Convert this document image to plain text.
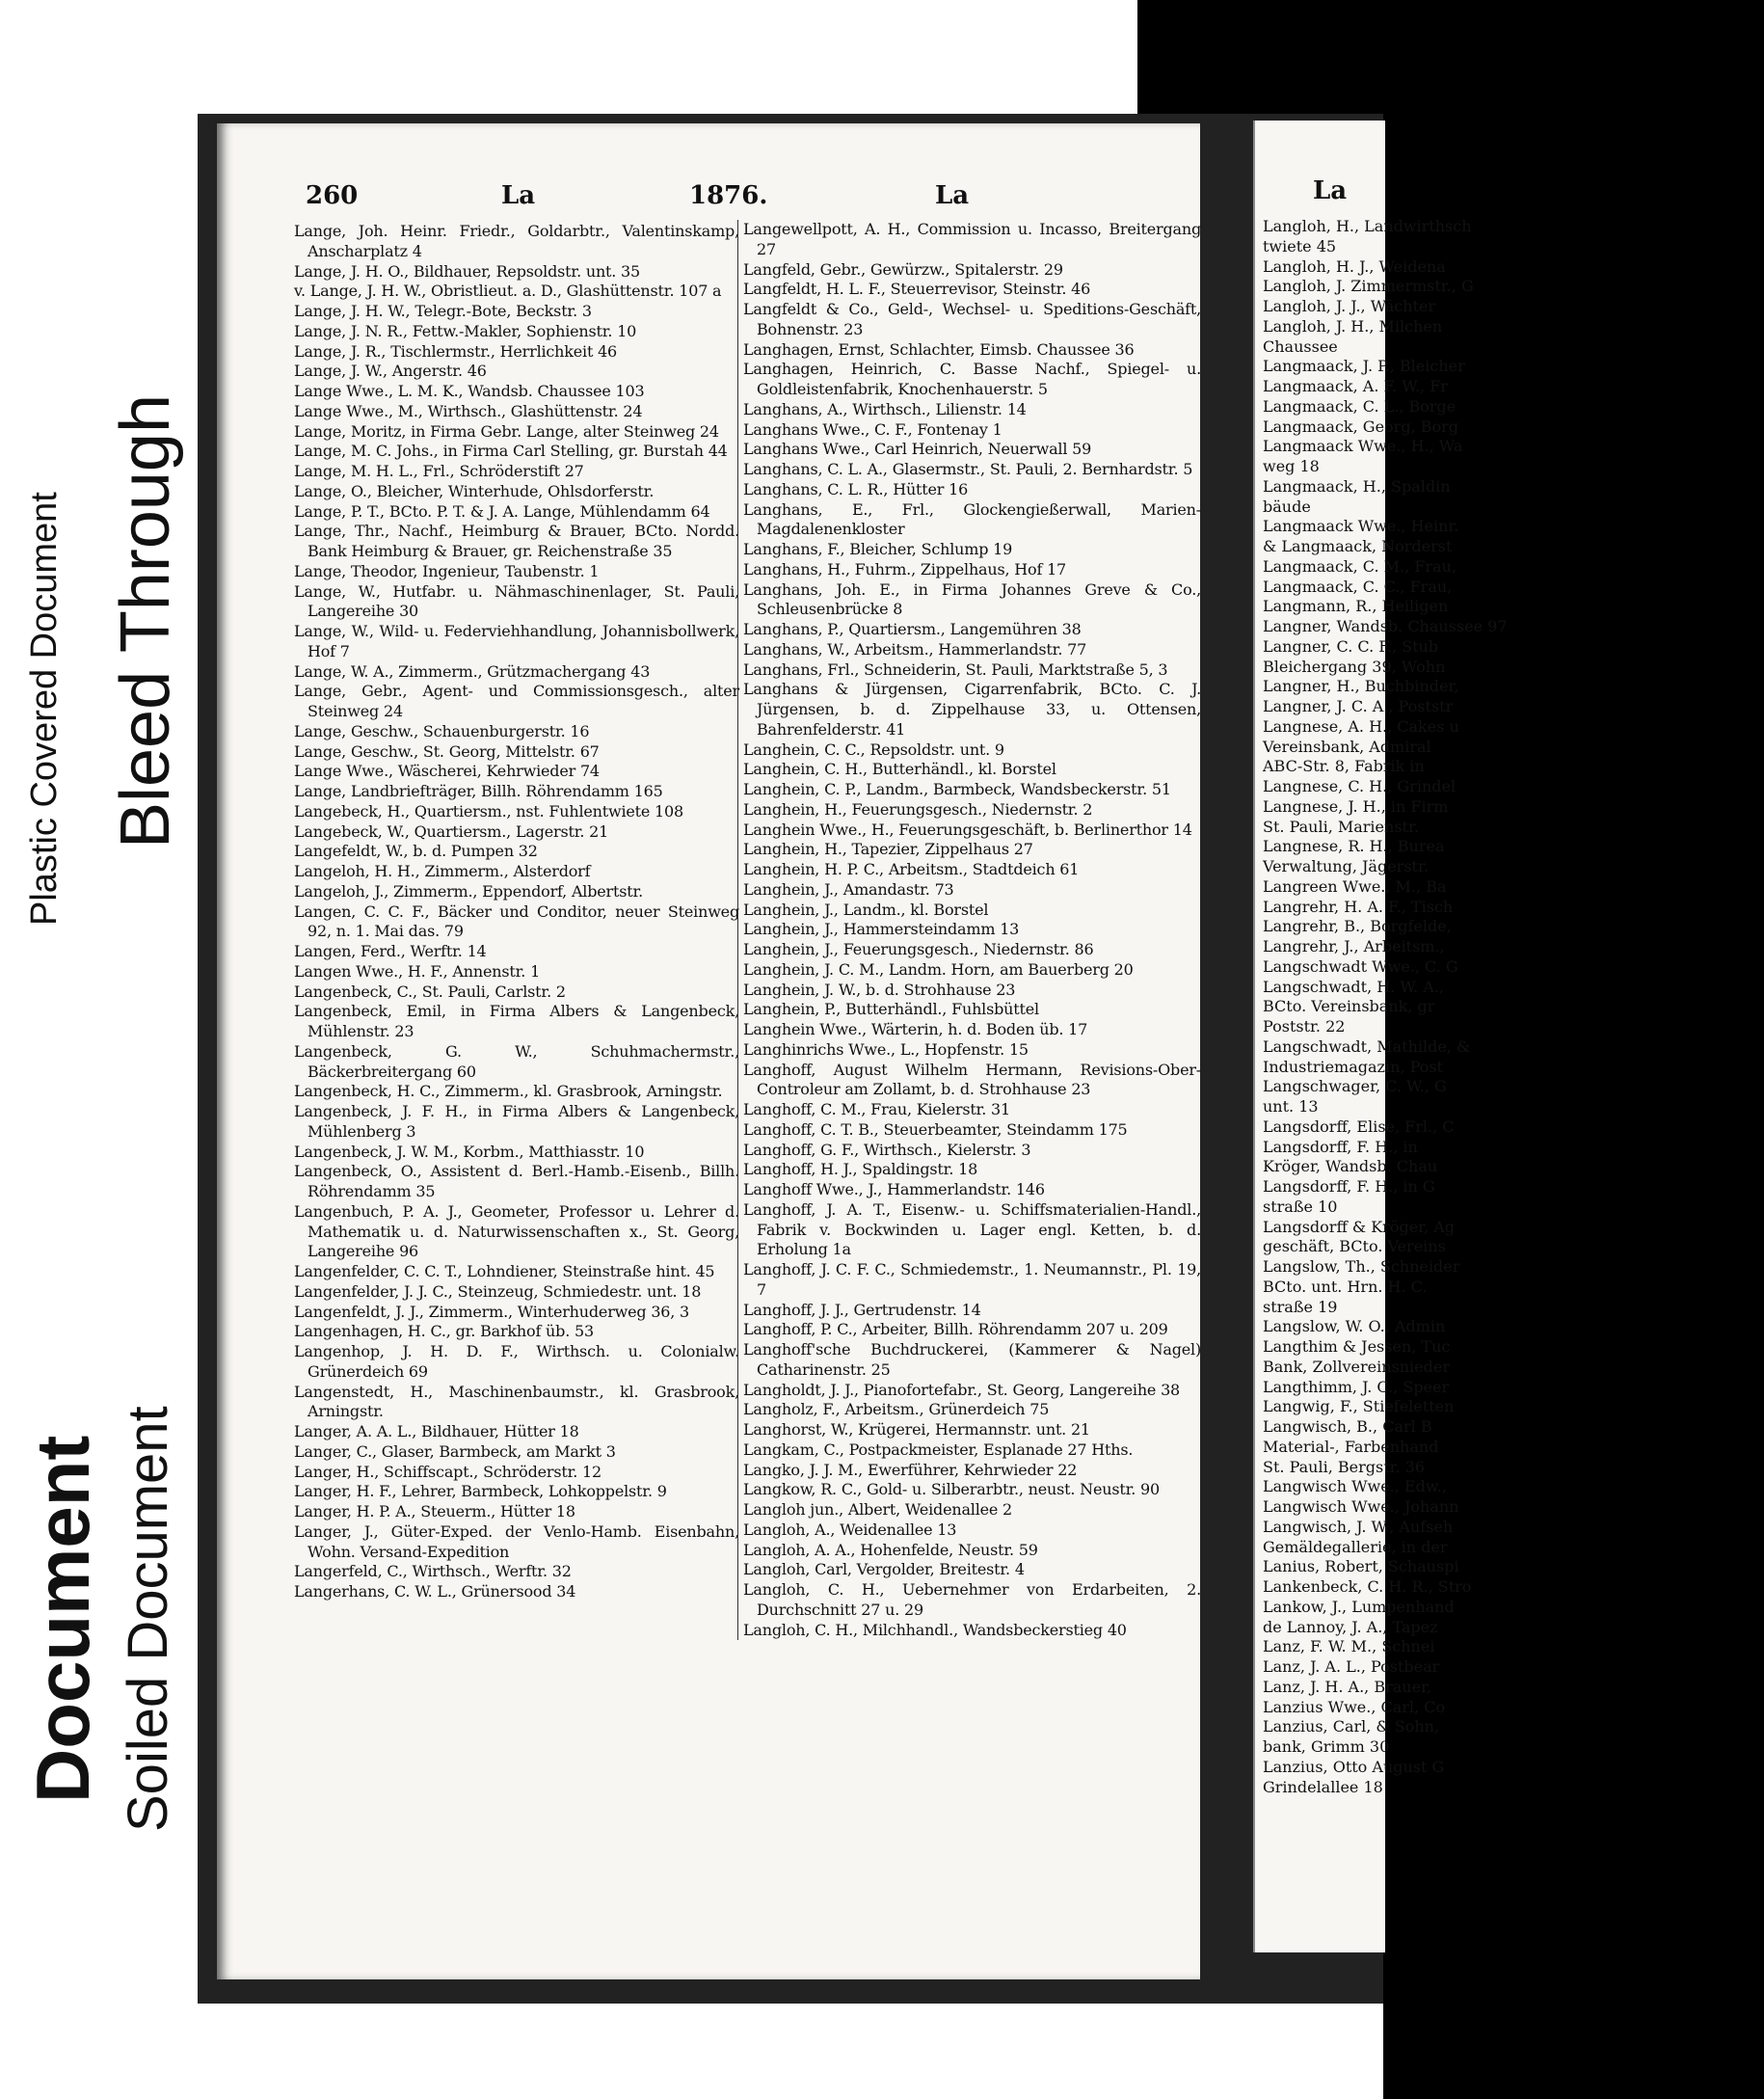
260	La	1876.	La
Lange, Joh. Heinr. Friedr., Goldarbtr., Valentinskamp, Anscharplatz 4
Lange, J. H. O., Bildhauer, Repsoldstr. unt. 35
v. Lange, J. H. W., Obristlieut. a. D., Glashüttenstr. 107 a
Lange, J. H. W., Telegr.-Bote, Beckstr. 3
Lange, J. N. R., Fettw.-Makler, Sophienstr. 10
Lange, J. R., Tischlermstr., Herrlichkeit 46
Lange, J. W., Angerstr. 46
Lange Wwe., L. M. K., Wandsb. Chaussee 103
Lange Wwe., M., Wirthsch., Glashüttenstr. 24
Lange, Moritz, in Firma Gebr. Lange, alter Steinweg 24
Lange, M. C. Johs., in Firma Carl Stelling, gr. Burstah 44
Lange, M. H. L., Frl., Schröderstift 27
Lange, O., Bleicher, Winterhude, Ohlsdorferstr.
Lange, P. T., BCto. P. T. & J. A. Lange, Mühlendamm 64
Lange, Thr., Nachf., Heimburg & Brauer, BCto. Nordd. Bank Heimburg & Brauer, gr. Reichenstraße 35
Lange, Theodor, Ingenieur, Taubenstr. 1
Lange, W., Hutfabr. u. Nähmaschinenlager, St. Pauli, Langereihe 30
Lange, W., Wild- u. Federviehhandlung, Johannisbollwerk, Hof 7
Lange, W. A., Zimmerm., Grützmachergang 43
Lange, Gebr., Agent- und Commissionsgesch., alter Steinweg 24
Lange, Geschw., Schauenburgerstr. 16
Lange, Geschw., St. Georg, Mittelstr. 67
Lange Wwe., Wäscherei, Kehrwieder 74
Lange, Landbriefträger, Billh. Röhrendamm 165
Langebeck, H., Quartiersm., nst. Fuhlentwiete 108
Langebeck, W., Quartiersm., Lagerstr. 21
Langefeldt, W., b. d. Pumpen 32
Langeloh, H. H., Zimmerm., Alsterdorf
Langeloh, J., Zimmerm., Eppendorf, Albertstr.
Langen, C. C. F., Bäcker und Conditor, neuer Steinweg 92, n. 1. Mai das. 79
Langen, Ferd., Werftr. 14
Langen Wwe., H. F., Annenstr. 1
Langenbeck, C., St. Pauli, Carlstr. 2
Langenbeck, Emil, in Firma Albers & Langenbeck, Mühlenstr. 23
Langenbeck, G. W., Schuhmachermstr., Bäckerbreitergang 60
Langenbeck, H. C., Zimmerm., kl. Grasbrook, Arningstr.
Langenbeck, J. F. H., in Firma Albers & Langenbeck, Mühlenberg 3
Langenbeck, J. W. M., Korbm., Matthiasstr. 10
Langenbeck, O., Assistent d. Berl.-Hamb.-Eisenb., Billh. Röhrendamm 35
Langenbuch, P. A. J., Geometer, Professor u. Lehrer d. Mathematik u. d. Naturwissenschaften x., St. Georg, Langereihe 96
Langenfelder, C. C. T., Lohndiener, Steinstraße hint. 45
Langenfelder, J. J. C., Steinzeug, Schmiedestr. unt. 18
Langenfeldt, J. J., Zimmerm., Winterhuderweg 36, 3
Langenhagen, H. C., gr. Barkhof üb. 53
Langenhop, J. H. D. F., Wirthsch. u. Colonialw. Grünerdeich 69
Langenstedt, H., Maschinenbaumstr., kl. Grasbrook, Arningstr.
Langer, A. A. L., Bildhauer, Hütter 18
Langer, C., Glaser, Barmbeck, am Markt 3
Langer, H., Schiffscapt., Schröderstr. 12
Langer, H. F., Lehrer, Barmbeck, Lohkoppelstr. 9
Langer, H. P. A., Steuerm., Hütter 18
Langer, J., Güter-Exped. der Venlo-Hamb. Eisenbahn, Wohn. Versand-Expedition
Langerfeld, C., Wirthsch., Werftr. 32
Langerhans, C. W. L., Grünersood 34
Langewellpott, A. H., Commission u. Incasso, Breitergang 27
Langfeld, Gebr., Gewürzw., Spitalerstr. 29
Langfeldt, H. L. F., Steuerrevisor, Steinstr. 46
Langfeldt & Co., Geld-, Wechsel- u. Speditions-Geschäft, Bohnenstr. 23
Langhagen, Ernst, Schlachter, Eimsb. Chaussee 36
Langhagen, Heinrich, C. Basse Nachf., Spiegel- u. Goldleistenfabrik, Knochenhauerstr. 5
Langhans, A., Wirthsch., Lilienstr. 14
Langhans Wwe., C. F., Fontenay 1
Langhans Wwe., Carl Heinrich, Neuerwall 59
Langhans, C. L. A., Glasermstr., St. Pauli, 2. Bernhardstr. 5
Langhans, C. L. R., Hütter 16
Langhans, E., Frl., Glockengießerwall, Marien-Magdalenenkloster
Langhans, F., Bleicher, Schlump 19
Langhans, H., Fuhrm., Zippelhaus, Hof 17
Langhans, Joh. E., in Firma Johannes Greve & Co., Schleusenbrücke 8
Langhans, P., Quartiersm., Langemühren 38
Langhans, W., Arbeitsm., Hammerlandstr. 77
Langhans, Frl., Schneiderin, St. Pauli, Marktstraße 5, 3
Langhans & Jürgensen, Cigarrenfabrik, BCto. C. J. Jürgensen, b. d. Zippelhause 33, u. Ottensen, Bahrenfelderstr. 41
Langhein, C. C., Repsoldstr. unt. 9
Langhein, C. H., Butterhändl., kl. Borstel
Langhein, C. P., Landm., Barmbeck, Wandsbeckerstr. 51
Langhein, H., Feuerungsgesch., Niedernstr. 2
Langhein Wwe., H., Feuerungsgeschäft, b. Berlinerthor 14
Langhein, H., Tapezier, Zippelhaus 27
Langhein, H. P. C., Arbeitsm., Stadtdeich 61
Langhein, J., Amandastr. 73
Langhein, J., Landm., kl. Borstel
Langhein, J., Hammersteindamm 13
Langhein, J., Feuerungsgesch., Niedernstr. 86
Langhein, J. C. M., Landm. Horn, am Bauerberg 20
Langhein, J. W., b. d. Strohhause 23
Langhein, P., Butterhändl., Fuhlsbüttel
Langhein Wwe., Wärterin, h. d. Boden üb. 17
Langhinrichs Wwe., L., Hopfenstr. 15
Langhoff, August Wilhelm Hermann, Revisions-Ober-Controleur am Zollamt, b. d. Strohhause 23
Langhoff, C. M., Frau, Kielerstr. 31
Langhoff, C. T. B., Steuerbeamter, Steindamm 175
Langhoff, G. F., Wirthsch., Kielerstr. 3
Langhoff, H. J., Spaldingstr. 18
Langhoff Wwe., J., Hammerlandstr. 146
Langhoff, J. A. T., Eisenw.- u. Schiffsmaterialien-Handl., Fabrik v. Bockwinden u. Lager engl. Ketten, b. d. Erholung 1a
Langhoff, J. C. F. C., Schmiedemstr., 1. Neumannstr., Pl. 19, 7
Langhoff, J. J., Gertrudenstr. 14
Langhoff, P. C., Arbeiter, Billh. Röhrendamm 207 u. 209
Langhoff'sche Buchdruckerei, (Kammerer & Nagel) Catharinenstr. 25
Langholdt, J. J., Pianofortefabr., St. Georg, Langereihe 38
Langholz, F., Arbeitsm., Grünerdeich 75
Langhorst, W., Krügerei, Hermannstr. unt. 21
Langkam, C., Postpackmeister, Esplanade 27 Hths.
Langko, J. J. M., Ewerführer, Kehrwieder 22
Langkow, R. C., Gold- u. Silberarbtr., neust. Neustr. 90
Langloh jun., Albert, Weidenallee 2
Langloh, A., Weidenallee 13
Langloh, A. A., Hohenfelde, Neustr. 59
Langloh, Carl, Vergolder, Breitestr. 4
Langloh, C. H., Uebernehmer von Erdarbeiten, 2. Durchschnitt 27 u. 29
Langloh, C. H., Milchhandl., Wandsbeckerstieg 40
La
Langloh, H., Landwirthsch
twiete 45
Langloh, H. J., Weidena
Langloh, J. Zimmermstr., G
Langloh, J. J., Wächter
Langloh, J. H., Milchen
Chaussee
Langmaack, J. P., Bleicher
Langmaack, A. F. W., Fr
Langmaack, C. L., Borge
Langmaack, Georg, Borg
Langmaack Wwe., H., Wa
weg 18
Langmaack, H., Spaldin
bäude
Langmaack Wwe., Heinr.
& Langmaack, Norderst
Langmaack, C. M., Frau,
Langmaack, C. C., Frau,
Langmann, R., Heiligen
Langner, Wandsb. Chaussee 97
Langner, C. C. F., Stub
Bleichergang 39, Wohn
Langner, H., Buchbinder,
Langner, J. C. A., Poststr
Langnese, A. H., Cakes u
Vereinsbank, Admiral
ABC-Str. 8, Fabrik in
Langnese, C. H., Grindel
Langnese, J. H., in Firm
St. Pauli, Marienstr.
Langnese, R. H., Burea
Verwaltung, Jägerstr.
Langreen Wwe., M., Ba
Langrehr, H. A. F., Tisch
Langrehr, B., Borgfelde,
Langrehr, J., Arbeitsm.,
Langschwadt Wwe., C. G
Langschwadt, H. W. A.,
BCto. Vereinsbank, gr
Poststr. 22
Langschwadt, Mathilde, &
Industriemagazin, Post
Langschwager, C. W., G
unt. 13
Langsdorff, Elise, Frl., C
Langsdorff, F. H., in
Kröger, Wandsb. Chau
Langsdorff, F. H., in G
straße 10
Langsdorff & Kröger, Ag
geschäft, BCto. Vereins
Langslow, Th., Schneider
BCto. unt. Hrn. H. C.
straße 19
Langslow, W. O., Admin
Langthim & Jessen, Tuc
Bank, Zollvereinsnieder
Langthimm, J. C., Speer
Langwig, F., Stiefeletten
Langwisch, B., Carl B
Material-, Farbenhand
St. Pauli, Bergstr. 36
Langwisch Wwe., Edw.,
Langwisch Wwe., Johann
Langwisch, J. W., Aufseh
Gemäldegallerie, in der
Lanius, Robert, Schauspi
Lankenbeck, C. H. R., Stro
Lankow, J., Lumpenhand
de Lannoy, J. A., Tapez
Lanz, F. W. M., Schnei
Lanz, J. A. L., Postbear
Lanz, J. H. A., Brauer,
Lanzius Wwe., Carl, Co
Lanzius, Carl, & Sohn,
bank, Grimm 30
Lanzius, Otto August G
Grindelallee 18
